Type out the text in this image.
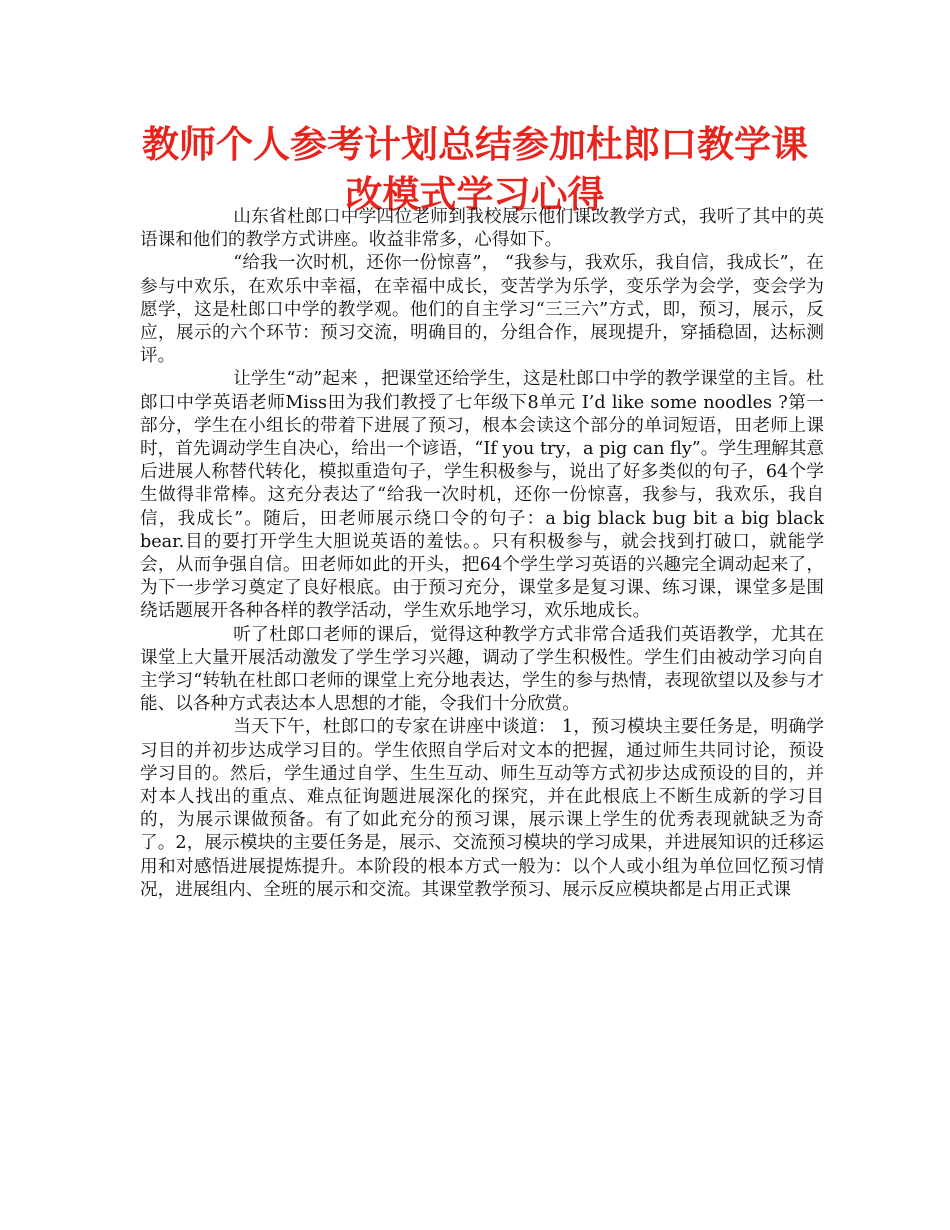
教师个人参考计划总结参加杜郎口教学课改模式学习心得

山东省杜郎口中学四位老师到我校展示他们课改教学方式，我听了其中的英语课和他们的教学方式讲座。收益非常多，心得如下。

“给我一次时机，还你一份惊喜”， “我参与，我欢乐，我自信，我成长”，在参与中欢乐，在欢乐中幸福，在幸福中成长，变苦学为乐学，变乐学为会学，变会学为愿学，这是杜郎口中学的教学观。他们的自主学习“三三六”方式，即，预习，展示，反应，展示的六个环节：预习交流，明确目的，分组合作，展现提升，穿插稳固，达标测评。

让学生“动”起来 ，把课堂还给学生，这是杜郎口中学的教学课堂的主旨。杜郎口中学英语老师Miss田为我们教授了七年级下8单元 I’d like some noodles ?第一部分，学生在小组长的带着下进展了预习，根本会读这个部分的单词短语，田老师上课时，首先调动学生自决心，给出一个谚语，“If you try，a pig can fly”。学生理解其意后进展人称替代转化，模拟重造句子，学生积极参与，说出了好多类似的句子，64个学生做得非常棒。这充分表达了“给我一次时机，还你一份惊喜，我参与，我欢乐，我自信，我成长”。随后，田老师展示绕口令的句子：a big black bug bit a big black bear.目的要打开学生大胆说英语的羞怯。。只有积极参与，就会找到打破口，就能学会，从而争强自信。田老师如此的开头，把64个学生学习英语的兴趣完全调动起来了，为下一步学习奠定了良好根底。由于预习充分，课堂多是复习课、练习课，课堂多是围绕话题展开各种各样的教学活动，学生欢乐地学习，欢乐地成长。

听了杜郎口老师的课后，觉得这种教学方式非常合适我们英语教学，尤其在课堂上大量开展活动激发了学生学习兴趣，调动了学生积极性。学生们由被动学习向自主学习“转轨在杜郎口老师的课堂上充分地表达，学生的参与热情，表现欲望以及参与才能、以各种方式表达本人思想的才能，令我们十分欣赏。

当天下午，杜郎口的专家在讲座中谈道： 1，预习模块主要任务是，明确学习目的并初步达成学习目的。学生依照自学后对文本的把握，通过师生共同讨论，预设学习目的。然后，学生通过自学、生生互动、师生互动等方式初步达成预设的目的，并对本人找出的重点、难点征询题进展深化的探究，并在此根底上不断生成新的学习目的，为展示课做预备。有了如此充分的预习课，展示课上学生的优秀表现就缺乏为奇了。2，展示模块的主要任务是，展示、交流预习模块的学习成果，并进展知识的迁移运用和对感悟进展提炼提升。本阶段的根本方式一般为：以个人或小组为单位回忆预习情况，进展组内、全班的展示和交流。其课堂教学预习、展示反应模块都是占用正式课
